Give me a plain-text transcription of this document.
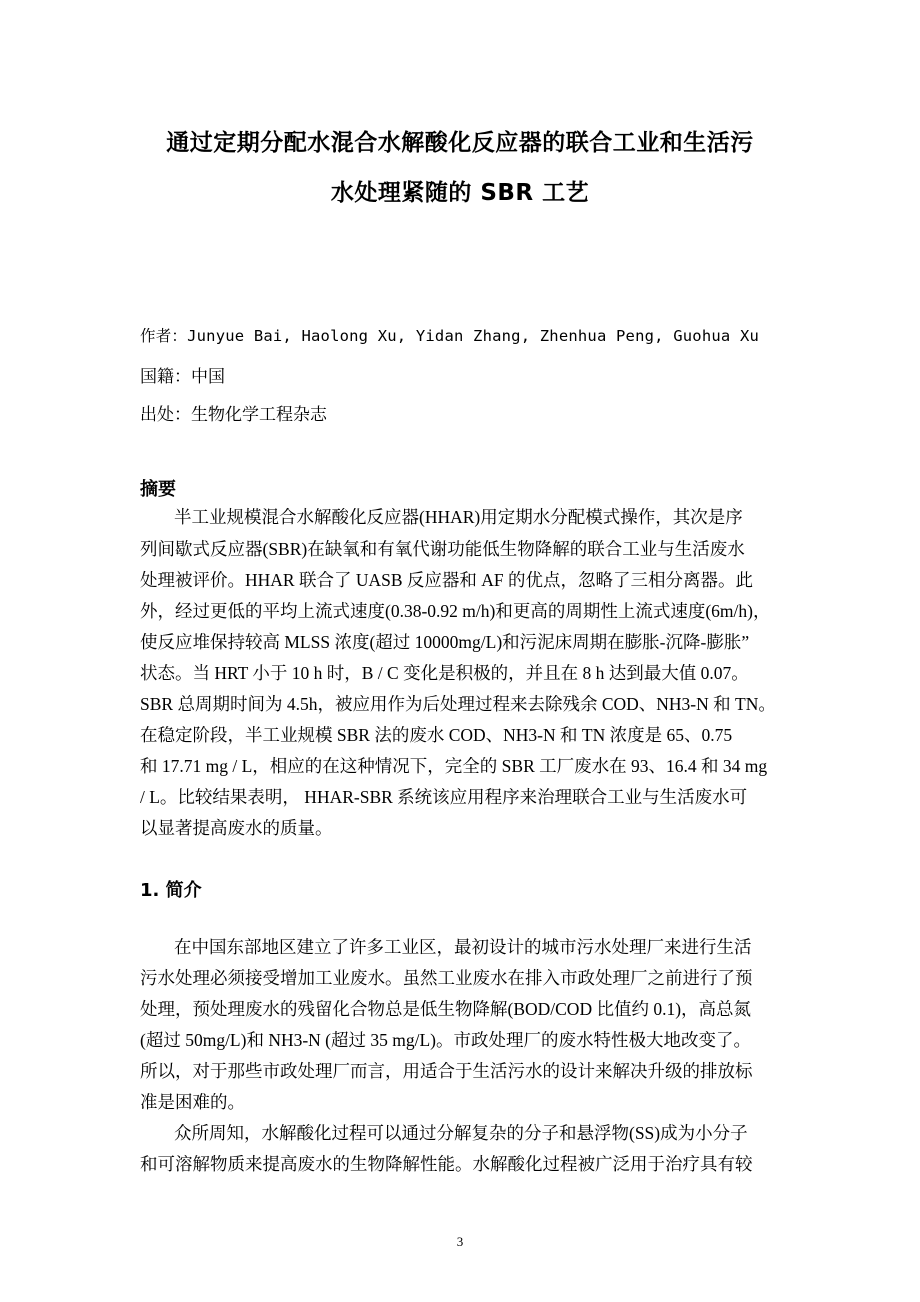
通过定期分配水混合水解酸化反应器的联合工业和生活污
水处理紧随的 SBR 工艺
作者：Junyue Bai, Haolong Xu, Yidan Zhang, Zhenhua Peng, Guohua Xu
国籍：中国
出处：生物化学工程杂志
摘要
半工业规模混合水解酸化反应器(HHAR)用定期水分配模式操作，其次是序
列间歇式反应器(SBR)在缺氧和有氧代谢功能低生物降解的联合工业与生活废水
处理被评价。HHAR 联合了 UASB 反应器和 AF 的优点，忽略了三相分离器。此
外，经过更低的平均上流式速度(0.38-0.92 m/h)和更高的周期性上流式速度(6m/h)，
使反应堆保持较高 MLSS 浓度(超过 10000mg/L)和污泥床周期在膨胀-沉降-膨胀”
状态。当 HRT 小于 10 h 时，B / C 变化是积极的，并且在 8 h 达到最大值 0.07。
SBR 总周期时间为 4.5h，被应用作为后处理过程来去除残余 COD、NH3-N 和 TN。
在稳定阶段，半工业规模 SBR 法的废水 COD、NH3-N 和 TN 浓度是 65、0.75
和 17.71 mg / L，相应的在这种情况下，完全的 SBR 工厂废水在 93、16.4 和 34 mg
/ L。比较结果表明， HHAR-SBR 系统该应用程序来治理联合工业与生活废水可
以显著提高废水的质量。
1. 简介
在中国东部地区建立了许多工业区，最初设计的城市污水处理厂来进行生活
污水处理必须接受增加工业废水。虽然工业废水在排入市政处理厂之前进行了预
处理，预处理废水的残留化合物总是低生物降解(BOD/COD 比值约 0.1)，高总氮
(超过 50mg/L)和 NH3-N (超过 35 mg/L)。市政处理厂的废水特性极大地改变了。
所以，对于那些市政处理厂而言，用适合于生活污水的设计来解决升级的排放标
准是困难的。
众所周知，水解酸化过程可以通过分解复杂的分子和悬浮物(SS)成为小分子
和可溶解物质来提高废水的生物降解性能。水解酸化过程被广泛用于治疗具有较
3
